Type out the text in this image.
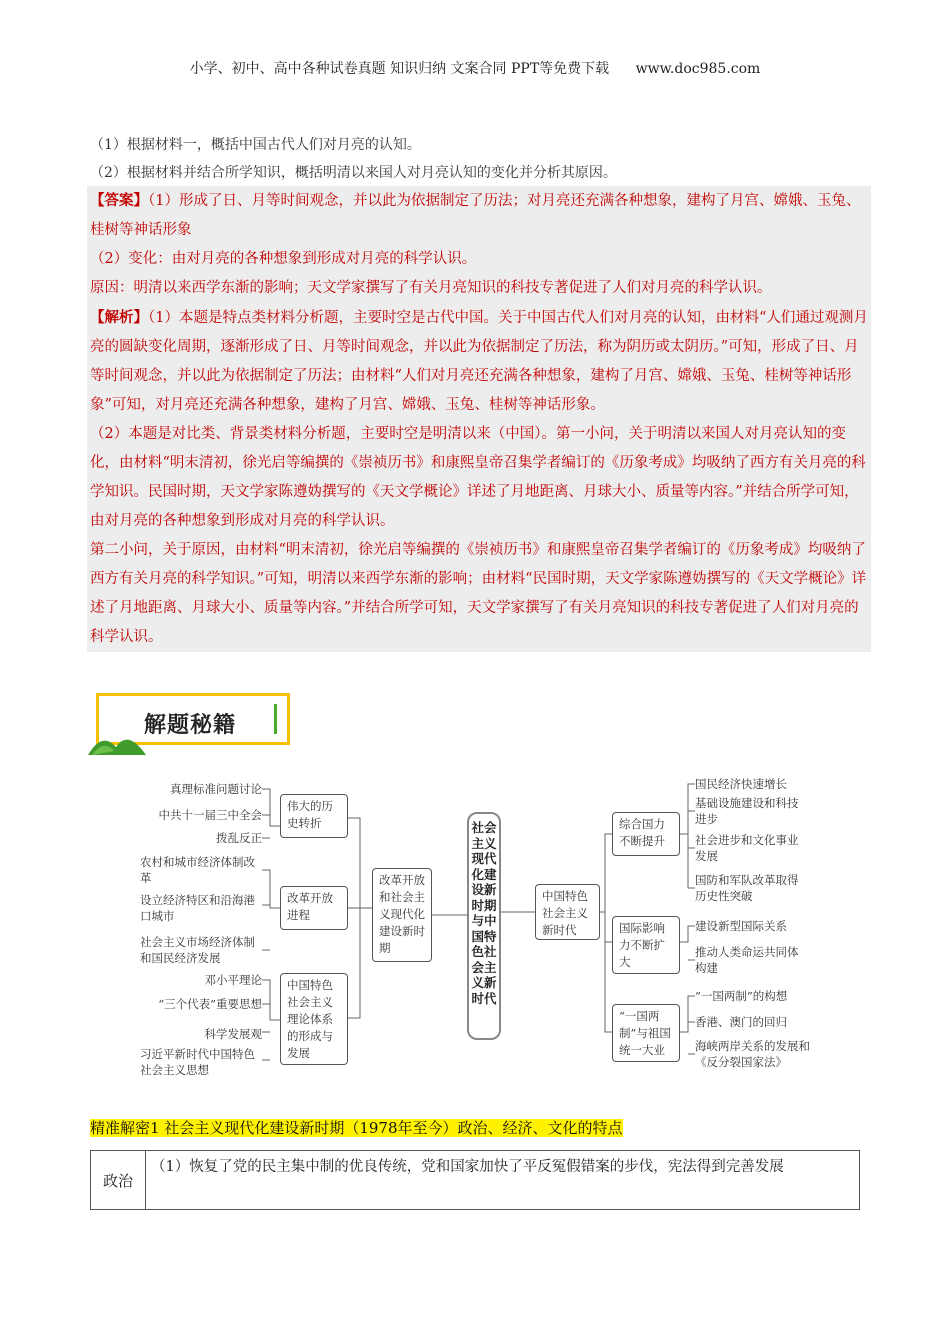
小学、初中、高中各种试卷真题 知识归纳 文案合同 PPT等免费下载 www.doc985.com
（1）根据材料一，概括中国古代人们对月亮的认知。
（2）根据材料并结合所学知识，概括明清以来国人对月亮认知的变化并分析其原因。

【答案】（1）形成了日、月等时间观念，并以此为依据制定了历法；对月亮还充满各种想象，建构了月宫、嫦娥、玉兔、桂树等神话形象

（2）变化：由对月亮的各种想象到形成对月亮的科学认识。

原因：明清以来西学东渐的影响；天文学家撰写了有关月亮知识的科技专著促进了人们对月亮的科学认识。

【解析】（1）本题是特点类材料分析题，主要时空是古代中国。关于中国古代人们对月亮的认知，由材料“人们通过观测月亮的圆缺变化周期，逐渐形成了日、月等时间观念，并以此为依据制定了历法，称为阴历或太阴历。”可知，形成了日、月等时间观念，并以此为依据制定了历法；由材料“人们对月亮还充满各种想象，建构了月宫、嫦娥、玉兔、桂树等神话形象”可知，对月亮还充满各种想象，建构了月宫、嫦娥、玉兔、桂树等神话形象。

（2）本题是对比类、背景类材料分析题，主要时空是明清以来（中国）。第一小问，关于明清以来国人对月亮认知的变化，由材料“明末清初，徐光启等编撰的《崇祯历书》和康熙皇帝召集学者编订的《历象考成》均吸纳了西方有关月亮的科学知识。民国时期，天文学家陈遵妫撰写的《天文学概论》详述了月地距离、月球大小、质量等内容。”并结合所学可知，由对月亮的各种想象到形成对月亮的科学认识。

第二小问，关于原因，由材料“明末清初，徐光启等编撰的《崇祯历书》和康熙皇帝召集学者编订的《历象考成》均吸纳了西方有关月亮的科学知识。”可知，明清以来西学东渐的影响；由材料“民国时期，天文学家陈遵妫撰写的《天文学概论》详述了月地距离、月球大小、质量等内容。”并结合所学可知，天文学家撰写了有关月亮知识的科技专著促进了人们对月亮的科学认识。

解题秘籍
真理标准问题讨论
中共十一届三中全会
拨乱反正
农村和城市经济体制改革
设立经济特区和沿海港口城市
社会主义市场经济体制和国民经济发展
邓小平理论
“三个代表”重要思想
科学发展观
习近平新时代中国特色社会主义思想
伟大的历史转折
改革开放进程
中国特色社会主义理论体系的形成与发展
改革开放和社会主义现代化建设新时期
社会主义现代化建设新时期与中国特色社会主义新时代
中国特色社会主义新时代
综合国力不断提升
国际影响力不断扩大
“一国两制”与祖国统一大业
国民经济快速增长
基础设施建设和科技进步
社会进步和文化事业发展
国防和军队改革取得历史性突破
建设新型国际关系
推动人类命运共同体构建
“一国两制”的构想
香港、澳门的回归
海峡两岸关系的发展和《反分裂国家法》
精准解密1 社会主义现代化建设新时期（1978年至今）政治、经济、文化的特点
政治
（1）恢复了党的民主集中制的优良传统，党和国家加快了平反冤假错案的步伐，宪法得到完善发展
